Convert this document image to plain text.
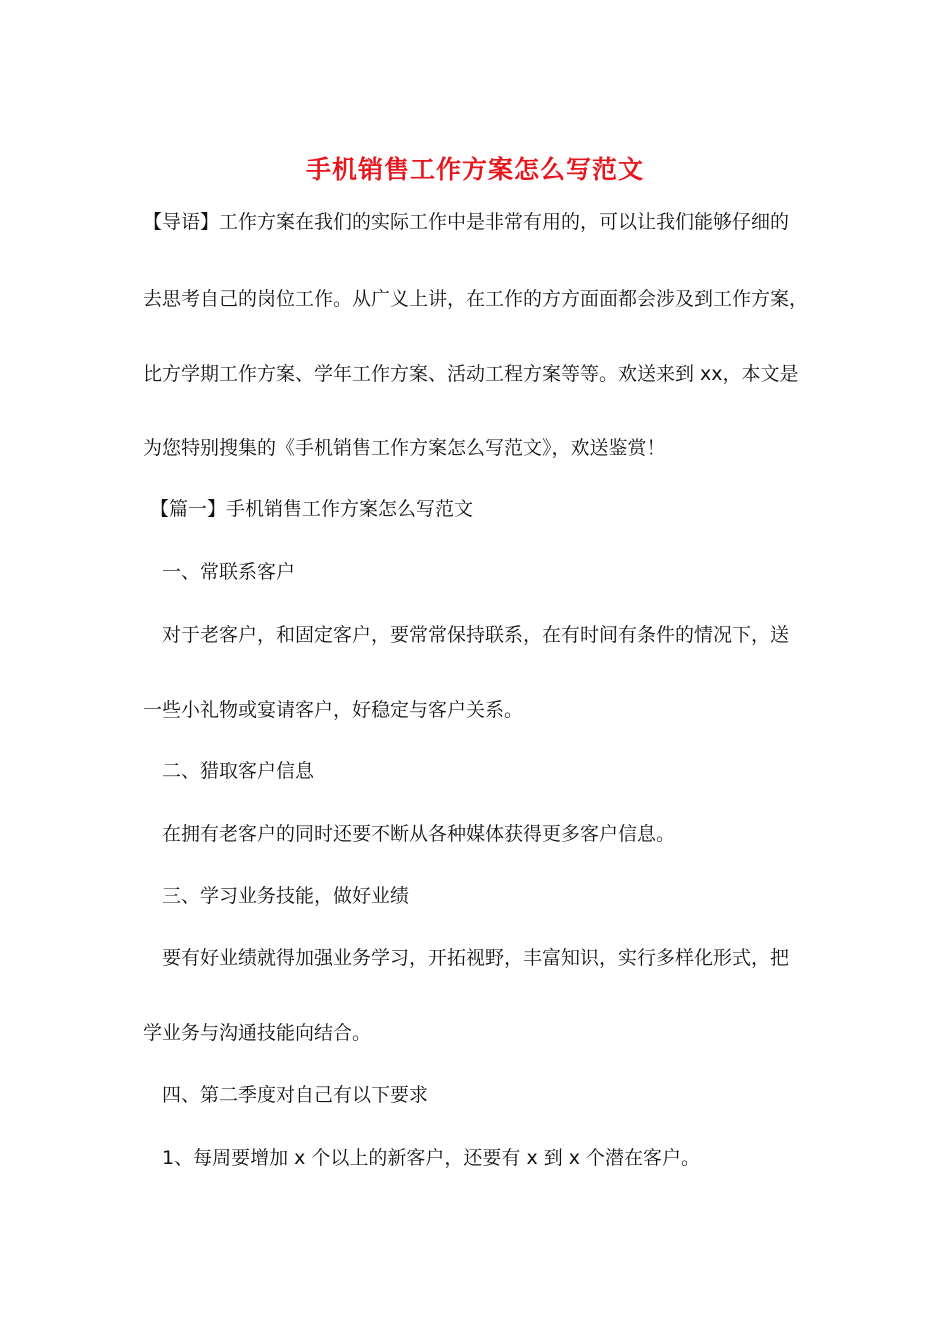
手机销售工作方案怎么写范文
【导语】工作方案在我们的实际工作中是非常有用的，可以让我们能够仔细的
去思考自己的岗位工作。从广义上讲，在工作的方方面面都会涉及到工作方案，
比方学期工作方案、学年工作方案、活动工程方案等等。欢送来到 xx，本文是
为您特别搜集的《手机销售工作方案怎么写范文》，欢送鉴赏！
【篇一】手机销售工作方案怎么写范文
一、常联系客户
对于老客户，和固定客户，要常常保持联系，在有时间有条件的情况下，送
一些小礼物或宴请客户，好稳定与客户关系。
二、猎取客户信息
在拥有老客户的同时还要不断从各种媒体获得更多客户信息。
三、学习业务技能，做好业绩
要有好业绩就得加强业务学习，开拓视野，丰富知识，实行多样化形式，把
学业务与沟通技能向结合。
四、第二季度对自己有以下要求
1、每周要增加 x 个以上的新客户，还要有 x 到 x 个潜在客户。
